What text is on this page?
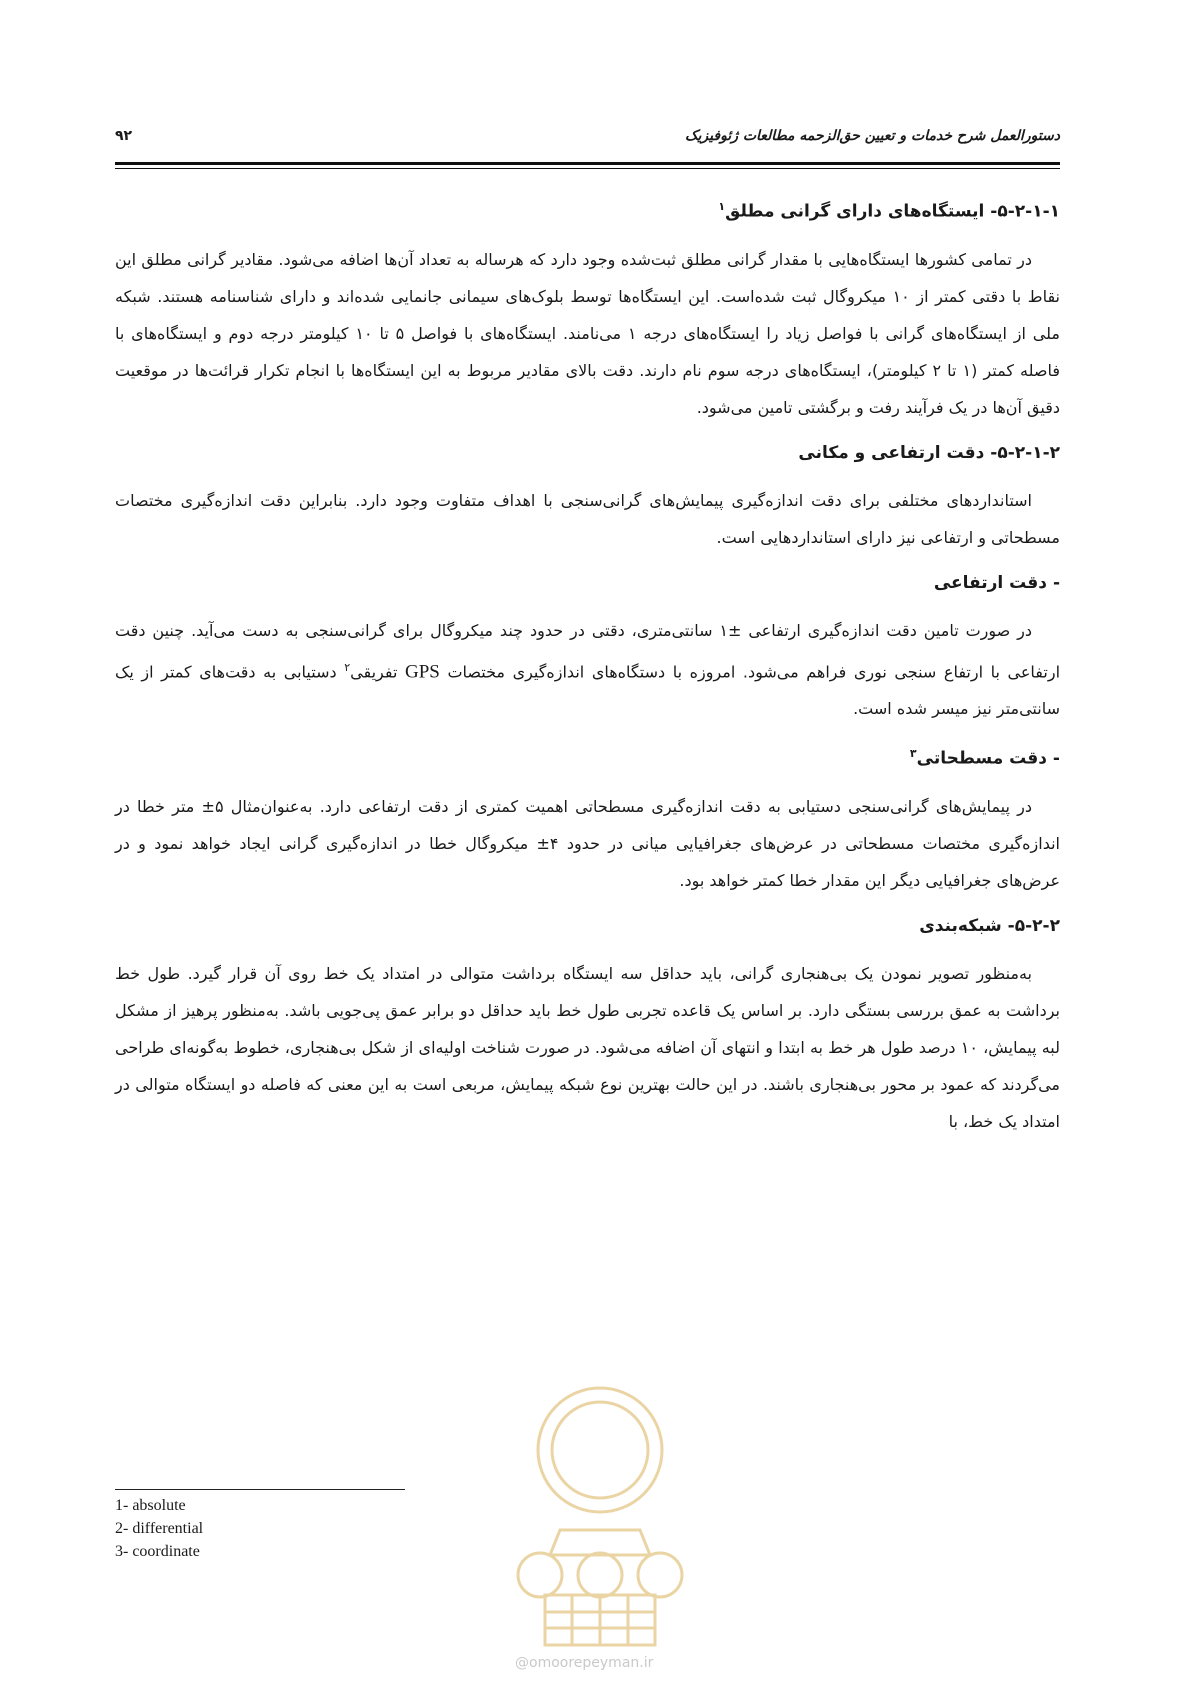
دستورالعمل شرح خدمات و تعیین حق‌الزحمه مطالعات ژئوفیزیک
۹۲
۵-۲-۱-۱- ایستگاه‌های دارای گرانی مطلق$^۱$

در تمامی کشورها ایستگاه‌هایی با مقدار گرانی مطلق ثبت‌شده وجود دارد که هرساله به تعداد آن‌ها اضافه می‌شود. مقادیر گرانی مطلق این نقاط با دقتی کمتر از ۱۰ میکروگال ثبت شده‌است. این ایستگاه‌ها توسط بلوک‌های سیمانی جانمایی شده‌اند و دارای شناسنامه هستند. شبکه ملی از ایستگاه‌های گرانی با فواصل زیاد را ایستگاه‌های درجه ۱ می‌نامند. ایستگاه‌های با فواصل ۵ تا ۱۰ کیلومتر درجه دوم و ایستگاه‌های با فاصله کمتر (۱ تا ۲ کیلومتر)، ایستگاه‌های درجه سوم نام دارند. دقت بالای مقادیر مربوط به این ایستگاه‌ها با انجام تکرار قرائت‌ها در موقعیت دقیق آن‌ها در یک فرآیند رفت و برگشتی تامین می‌شود.

۵-۲-۱-۲- دقت ارتفاعی و مکانی

استانداردهای مختلفی برای دقت اندازه‌گیری پیمایش‌های گرانی‌سنجی با اهداف متفاوت وجود دارد. بنابراین دقت اندازه‌گیری مختصات مسطحاتی و ارتفاعی نیز دارای استانداردهایی است.

- دقت ارتفاعی

در صورت تامین دقت اندازه‌گیری ارتفاعی ±۱ سانتی‌متری، دقتی در حدود چند میکروگال برای گرانی‌سنجی به دست می‌آید. چنین دقت ارتفاعی با ارتفاع سنجی نوری فراهم می‌شود. امروزه با دستگاه‌های اندازه‌گیری مختصات GPS تفریقی$^۲$ دستیابی به دقت‌های کمتر از یک سانتی‌متر نیز میسر شده است.

- دقت مسطحاتی$^۳$

در پیمایش‌های گرانی‌سنجی دستیابی به دقت اندازه‌گیری مسطحاتی اهمیت کمتری از دقت ارتفاعی دارد. به‌عنوان‌مثال ۵± متر خطا در اندازه‌گیری مختصات مسطحاتی در عرض‌های جغرافیایی میانی در حدود ۴± میکروگال خطا در اندازه‌گیری گرانی ایجاد خواهد نمود و در عرض‌های جغرافیایی دیگر این مقدار خطا کمتر خواهد بود.

۵-۲-۲- شبکه‌بندی

به‌منظور تصویر نمودن یک بی‌هنجاری گرانی، باید حداقل سه ایستگاه برداشت متوالی در امتداد یک خط روی آن قرار گیرد. طول خط برداشت به عمق بررسی بستگی دارد. بر اساس یک قاعده تجربی طول خط باید حداقل دو برابر عمق پی‌جویی باشد. به‌منظور پرهیز از مشکل لبه پیمایش، ۱۰ درصد طول هر خط به ابتدا و انتهای آن اضافه می‌شود. در صورت شناخت اولیه‌ای از شکل بی‌هنجاری، خطوط به‌گونه‌ای طراحی می‌گردند که عمود بر محور بی‌هنجاری باشند. در این حالت بهترین نوع شبکه پیمایش، مربعی است به این معنی که فاصله دو ایستگاه متوالی در امتداد یک خط، با

1- absolute
2- differential
3- coordinate
@omoorepeyman.ir
